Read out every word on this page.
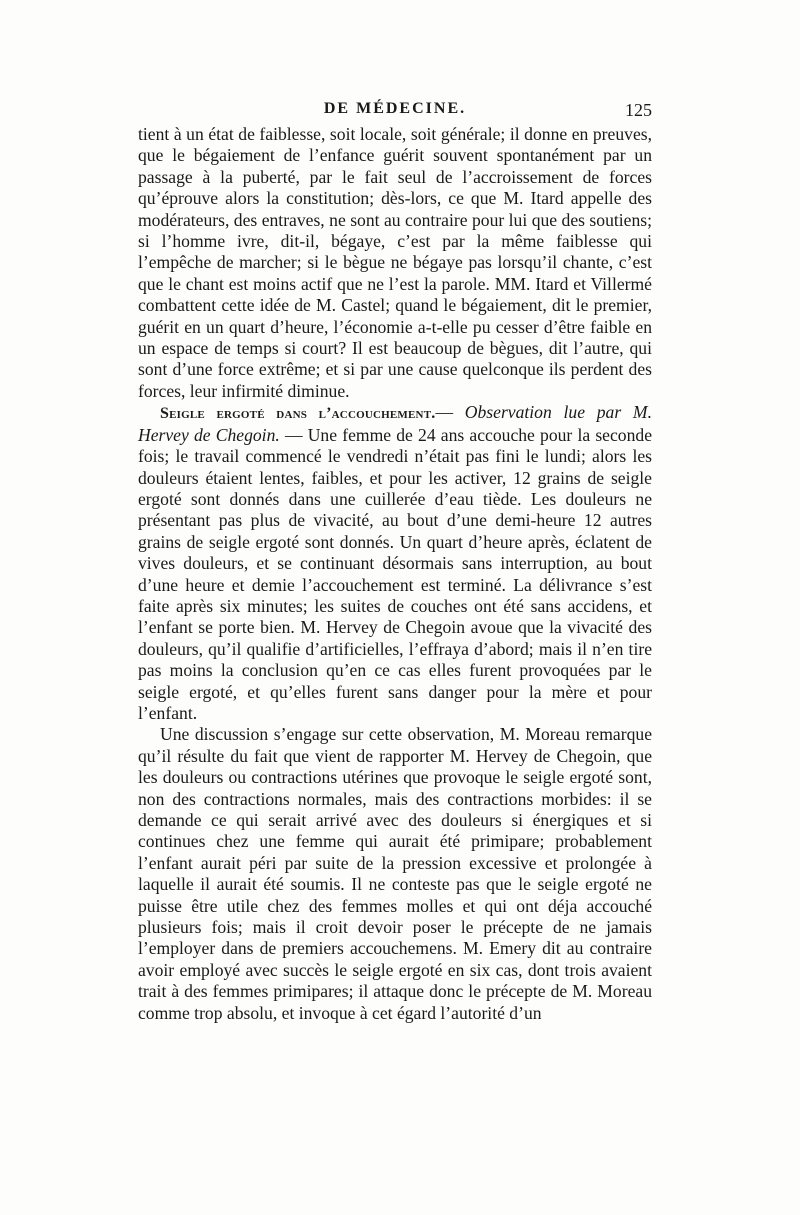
DE MÉDECINE.	125

tient à un état de faiblesse, soit locale, soit générale; il donne en preuves, que le bégaiement de l’enfance guérit souvent spontanément par un passage à la puberté, par le fait seul de l’accroissement de forces qu’éprouve alors la constitution; dès-lors, ce que M. Itard appelle des modérateurs, des entraves, ne sont au contraire pour lui que des soutiens; si l’homme ivre, dit-il, bégaye, c’est par la même faiblesse qui l’empêche de marcher; si le bègue ne bégaye pas lorsqu’il chante, c’est que le chant est moins actif que ne l’est la parole. MM. Itard et Villermé combattent cette idée de M. Castel; quand le bégaiement, dit le premier, guérit en un quart d’heure, l’économie a-t-elle pu cesser d’être faible en un espace de temps si court? Il est beaucoup de bègues, dit l’autre, qui sont d’une force extrême; et si par une cause quelconque ils perdent des forces, leur infirmité diminue.

Seigle ergoté dans l’accouchement.— Observation lue par M. Hervey de Chegoin. — Une femme de 24 ans accouche pour la seconde fois; le travail commencé le vendredi n’était pas fini le lundi; alors les douleurs étaient lentes, faibles, et pour les activer, 12 grains de seigle ergoté sont donnés dans une cuillerée d’eau tiède. Les douleurs ne présentant pas plus de vivacité, au bout d’une demi-heure 12 autres grains de seigle ergoté sont donnés. Un quart d’heure après, éclatent de vives douleurs, et se continuant désormais sans interruption, au bout d’une heure et demie l’accouchement est terminé. La délivrance s’est faite après six minutes; les suites de couches ont été sans accidens, et l’enfant se porte bien. M. Hervey de Chegoin avoue que la vivacité des douleurs, qu’il qualifie d’artificielles, l’effraya d’abord; mais il n’en tire pas moins la conclusion qu’en ce cas elles furent provoquées par le seigle ergoté, et qu’elles furent sans danger pour la mère et pour l’enfant.

Une discussion s’engage sur cette observation, M. Moreau remarque qu’il résulte du fait que vient de rapporter M. Hervey de Chegoin, que les douleurs ou contractions utérines que provoque le seigle ergoté sont, non des contractions normales, mais des contractions morbides: il se demande ce qui serait arrivé avec des douleurs si énergiques et si continues chez une femme qui aurait été primipare; probablement l’enfant aurait péri par suite de la pression excessive et prolongée à laquelle il aurait été soumis. Il ne conteste pas que le seigle ergoté ne puisse être utile chez des femmes molles et qui ont déja accouché plusieurs fois; mais il croit devoir poser le précepte de ne jamais l’employer dans de premiers accouchemens. M. Emery dit au contraire avoir employé avec succès le seigle ergoté en six cas, dont trois avaient trait à des femmes primipares; il attaque donc le précepte de M. Moreau comme trop absolu, et invoque à cet égard l’autorité d’un
